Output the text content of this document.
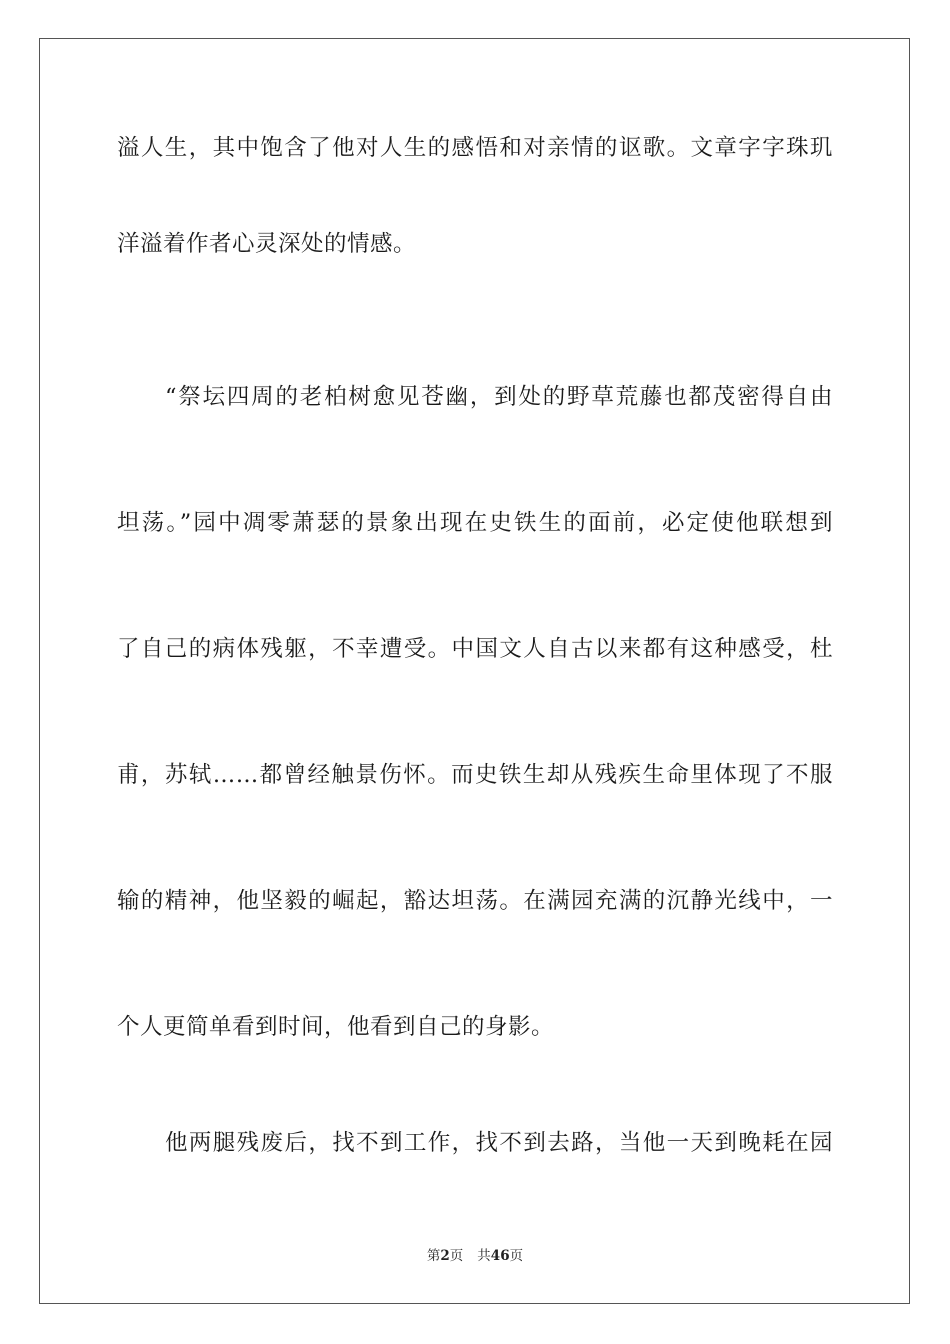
溢人生，其中饱含了他对人生的感悟和对亲情的讴歌。文章字字珠玑
洋溢着作者心灵深处的情感。
“祭坛四周的老柏树愈见苍幽，到处的野草荒藤也都茂密得自由
坦荡。”园中凋零萧瑟的景象出现在史铁生的面前，必定使他联想到
了自己的病体残躯，不幸遭受。中国文人自古以来都有这种感受，杜
甫，苏轼……都曾经触景伤怀。而史铁生却从残疾生命里体现了不服
输的精神，他坚毅的崛起，豁达坦荡。在满园充满的沉静光线中，一
个人更简单看到时间，他看到自己的身影。
他两腿残废后，找不到工作，找不到去路，当他一天到晚耗在园
第2页 共46页
